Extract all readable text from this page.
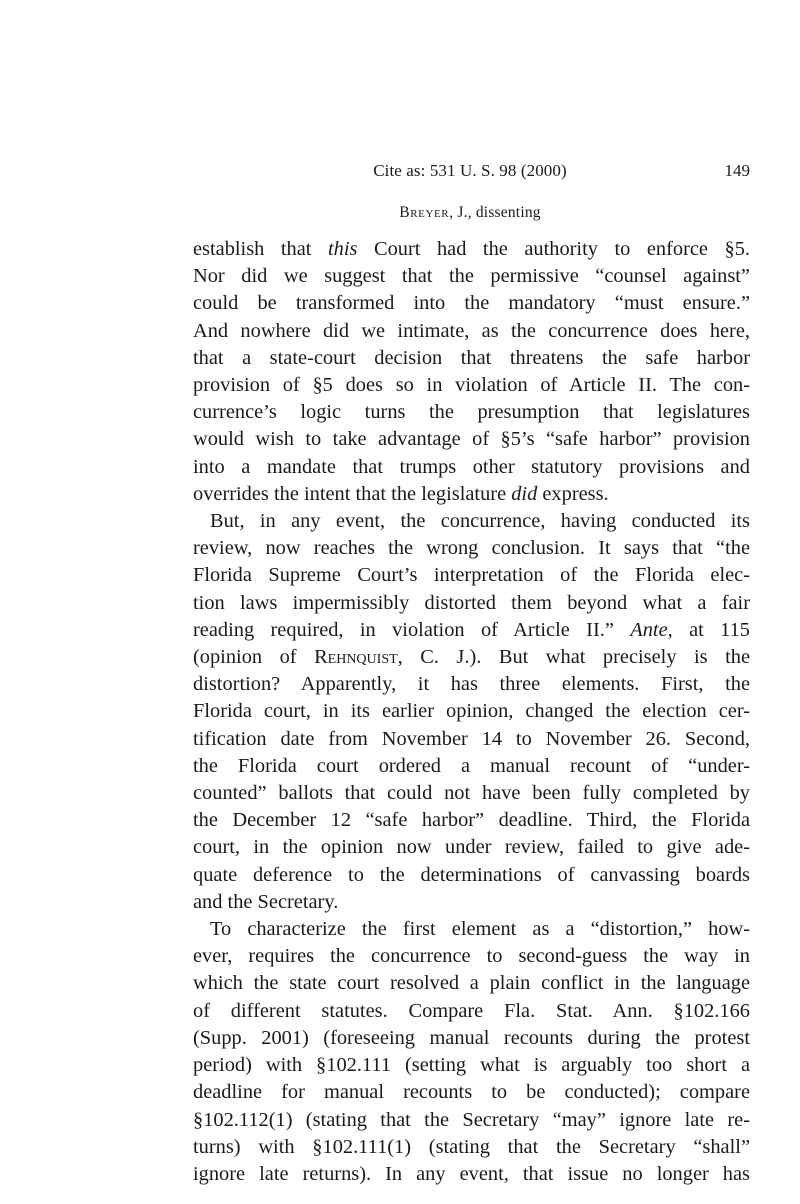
Cite as: 531 U. S. 98 (2000)	149
Breyer, J., dissenting
establish that this Court had the authority to enforce §5.
Nor did we suggest that the permissive “counsel against”
could be transformed into the mandatory “must ensure.”
And nowhere did we intimate, as the concurrence does here,
that a state-court decision that threatens the safe harbor
provision of §5 does so in violation of Article II. The con-
currence’s logic turns the presumption that legislatures
would wish to take advantage of §5’s “safe harbor” provision
into a mandate that trumps other statutory provisions and
overrides the intent that the legislature did express.
But, in any event, the concurrence, having conducted its
review, now reaches the wrong conclusion. It says that “the
Florida Supreme Court’s interpretation of the Florida elec-
tion laws impermissibly distorted them beyond what a fair
reading required, in violation of Article II.” Ante, at 115
(opinion of Rehnquist, C. J.). But what precisely is the
distortion? Apparently, it has three elements. First, the
Florida court, in its earlier opinion, changed the election cer-
tification date from November 14 to November 26. Second,
the Florida court ordered a manual recount of “under-
counted” ballots that could not have been fully completed by
the December 12 “safe harbor” deadline. Third, the Florida
court, in the opinion now under review, failed to give ade-
quate deference to the determinations of canvassing boards
and the Secretary.
To characterize the first element as a “distortion,” how-
ever, requires the concurrence to second-guess the way in
which the state court resolved a plain conflict in the language
of different statutes. Compare Fla. Stat. Ann. §102.166
(Supp. 2001) (foreseeing manual recounts during the protest
period) with §102.111 (setting what is arguably too short a
deadline for manual recounts to be conducted); compare
§102.112(1) (stating that the Secretary “may” ignore late re-
turns) with §102.111(1) (stating that the Secretary “shall”
ignore late returns). In any event, that issue no longer has
